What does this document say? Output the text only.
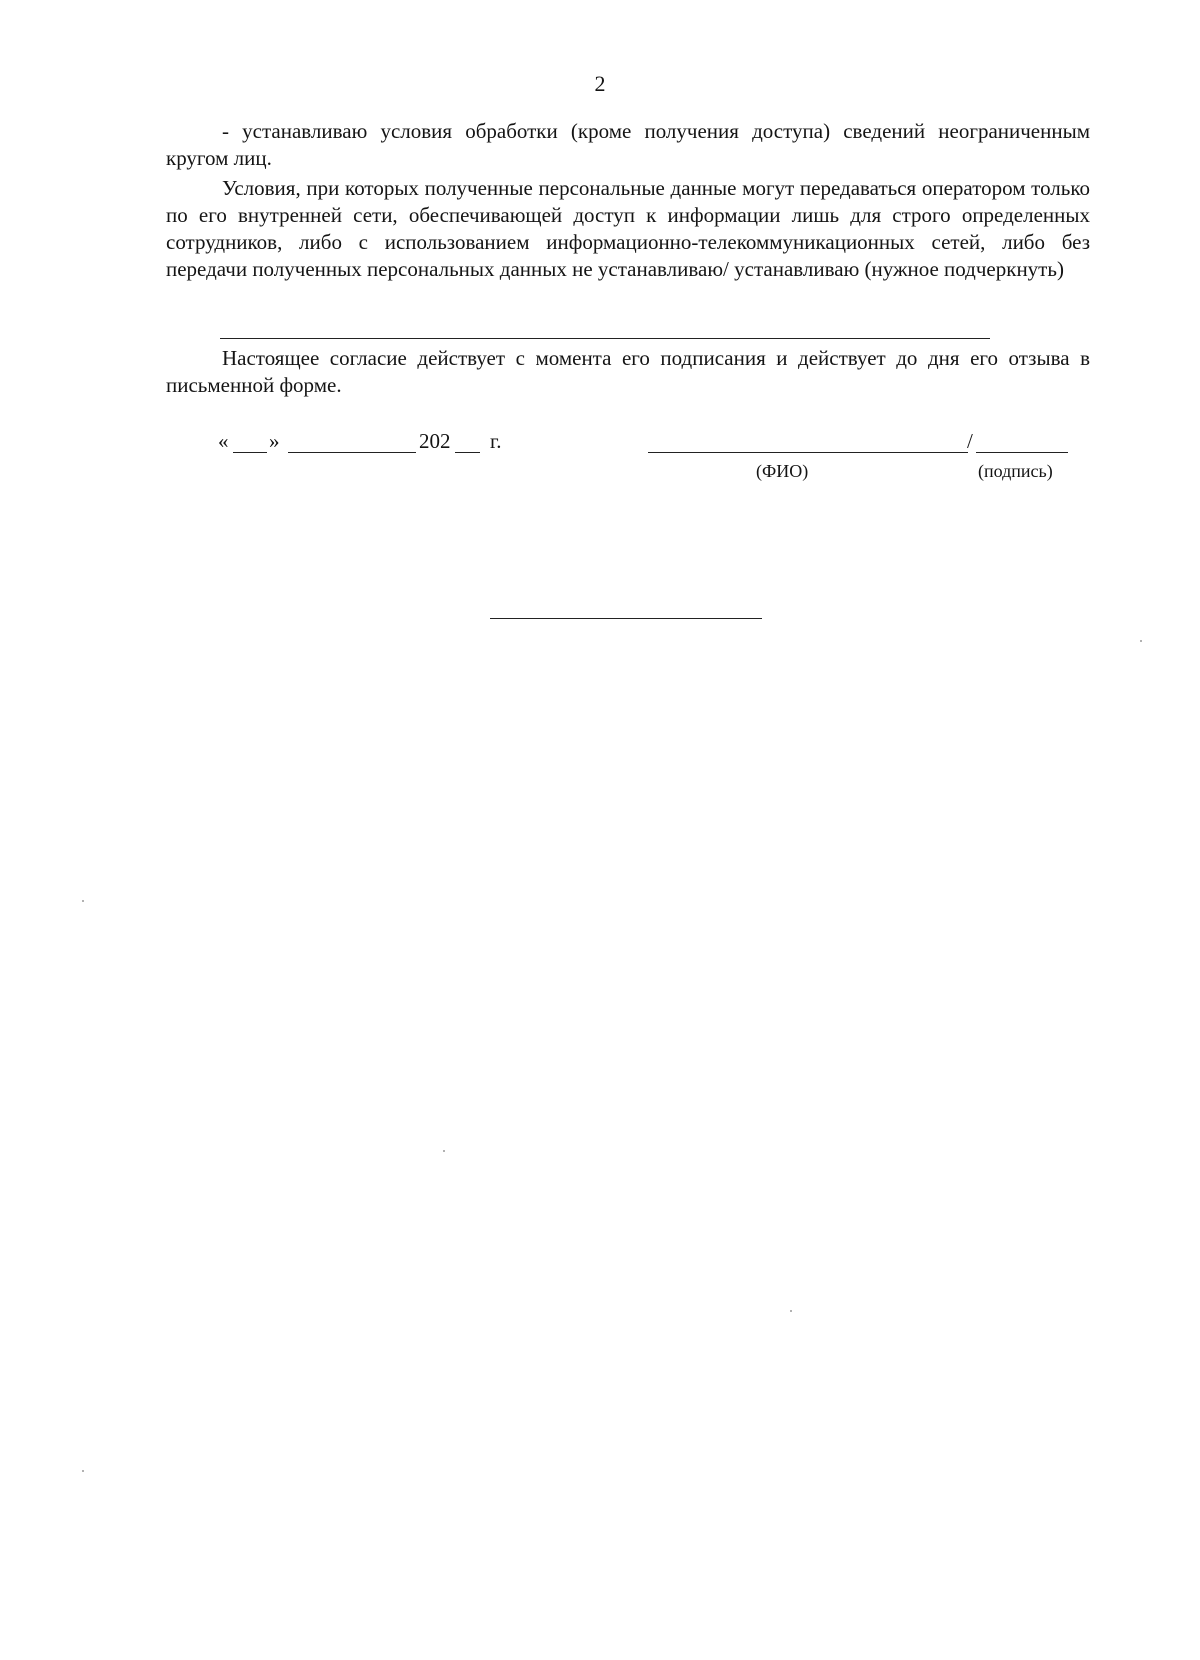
2

- устанавливаю условия обработки (кроме получения доступа) сведений неограниченным кругом лиц.

Условия, при которых полученные персональные данные могут передаваться оператором только по его внутренней сети, обеспечивающей доступ к информации лишь для строго определенных сотрудников, либо с использованием информационно-телекоммуникационных сетей, либо без передачи полученных персональных данных не устанавливаю/ устанавливаю (нужное подчеркнуть)

Настоящее согласие действует с момента его подписания и действует до дня его отзыва в письменной форме.

« »	202 г.	/
(ФИО)	(подпись)
